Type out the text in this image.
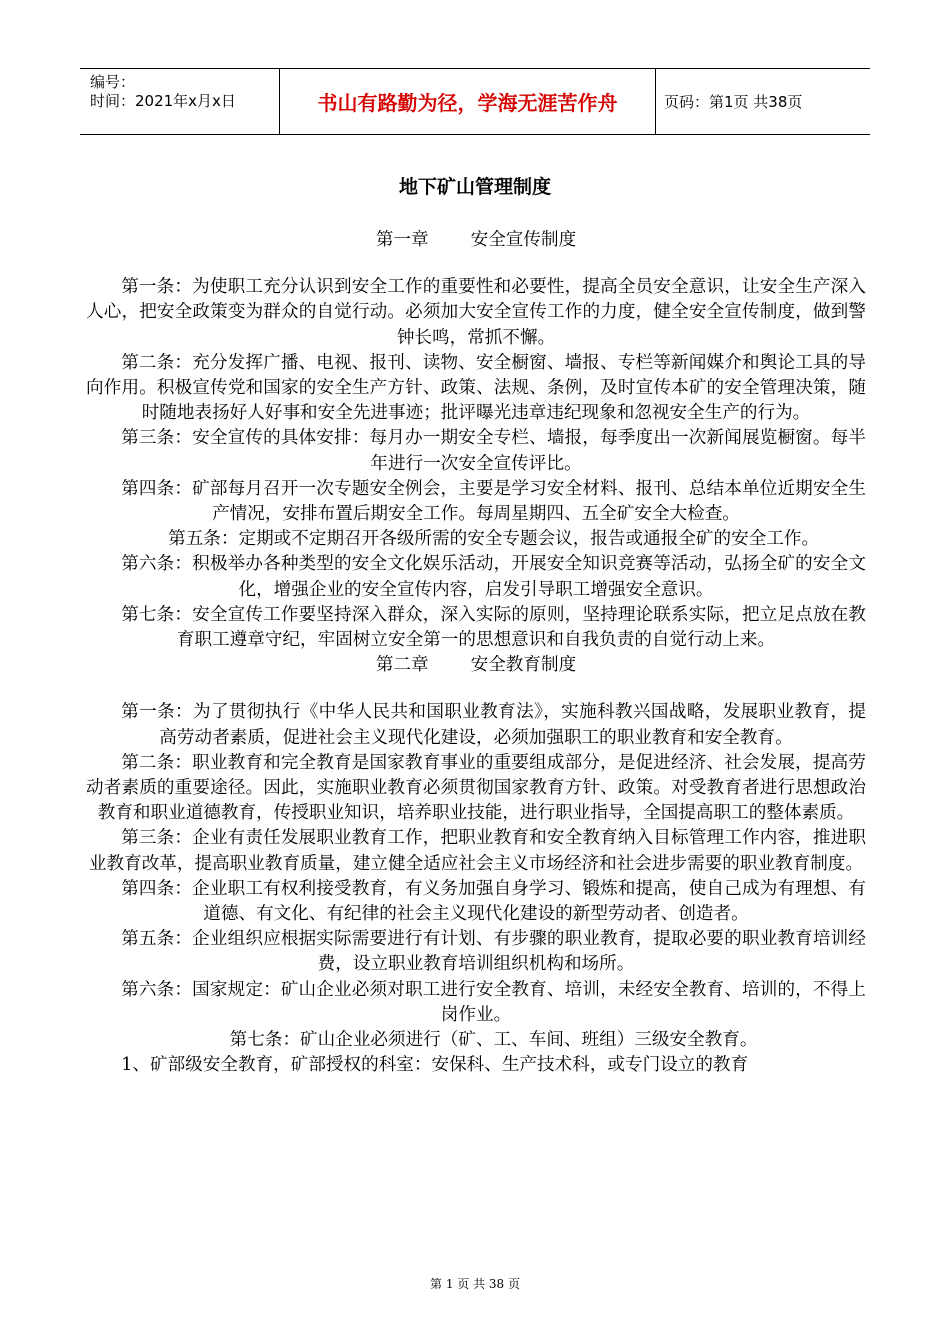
编号：
时间：2021年x月x日	书山有路勤为径，学海无涯苦作舟	页码：第1页 共38页
地下矿山管理制度

第一章 安全宣传制度

第一条：为使职工充分认识到安全工作的重要性和必要性，提高全员安全意识，让安全生产深入人心，把安全政策变为群众的自觉行动。必须加大安全宣传工作的力度，健全安全宣传制度，做到警钟长鸣，常抓不懈。

第二条：充分发挥广播、电视、报刊、读物、安全橱窗、墙报、专栏等新闻媒介和舆论工具的导向作用。积极宣传党和国家的安全生产方针、政策、法规、条例，及时宣传本矿的安全管理决策，随时随地表扬好人好事和安全先进事迹；批评曝光违章违纪现象和忽视安全生产的行为。

第三条：安全宣传的具体安排：每月办一期安全专栏、墙报，每季度出一次新闻展览橱窗。每半年进行一次安全宣传评比。

第四条：矿部每月召开一次专题安全例会，主要是学习安全材料、报刊、总结本单位近期安全生产情况，安排布置后期安全工作。每周星期四、五全矿安全大检查。

第五条：定期或不定期召开各级所需的安全专题会议，报告或通报全矿的安全工作。

第六条：积极举办各种类型的安全文化娱乐活动，开展安全知识竞赛等活动，弘扬全矿的安全文化，增强企业的安全宣传内容，启发引导职工增强安全意识。

第七条：安全宣传工作要坚持深入群众，深入实际的原则，坚持理论联系实际，把立足点放在教育职工遵章守纪，牢固树立安全第一的思想意识和自我负责的自觉行动上来。

第二章 安全教育制度

第一条：为了贯彻执行《中华人民共和国职业教育法》，实施科教兴国战略，发展职业教育，提高劳动者素质，促进社会主义现代化建设，必须加强职工的职业教育和安全教育。

第二条：职业教育和完全教育是国家教育事业的重要组成部分，是促进经济、社会发展，提高劳动者素质的重要途径。因此，实施职业教育必须贯彻国家教育方针、政策。对受教育者进行思想政治教育和职业道德教育，传授职业知识，培养职业技能，进行职业指导，全国提高职工的整体素质。

第三条：企业有责任发展职业教育工作，把职业教育和安全教育纳入目标管理工作内容，推进职业教育改革，提高职业教育质量，建立健全适应社会主义市场经济和社会进步需要的职业教育制度。

第四条：企业职工有权利接受教育，有义务加强自身学习、锻炼和提高，使自己成为有理想、有道德、有文化、有纪律的社会主义现代化建设的新型劳动者、创造者。

第五条：企业组织应根据实际需要进行有计划、有步骤的职业教育，提取必要的职业教育培训经费，设立职业教育培训组织机构和场所。

第六条：国家规定：矿山企业必须对职工进行安全教育、培训，未经安全教育、培训的，不得上岗作业。

第七条：矿山企业必须进行（矿、工、车间、班组）三级安全教育。

1、矿部级安全教育，矿部授权的科室：安保科、生产技术科，或专门设立的教育

第 1 页 共 38 页
